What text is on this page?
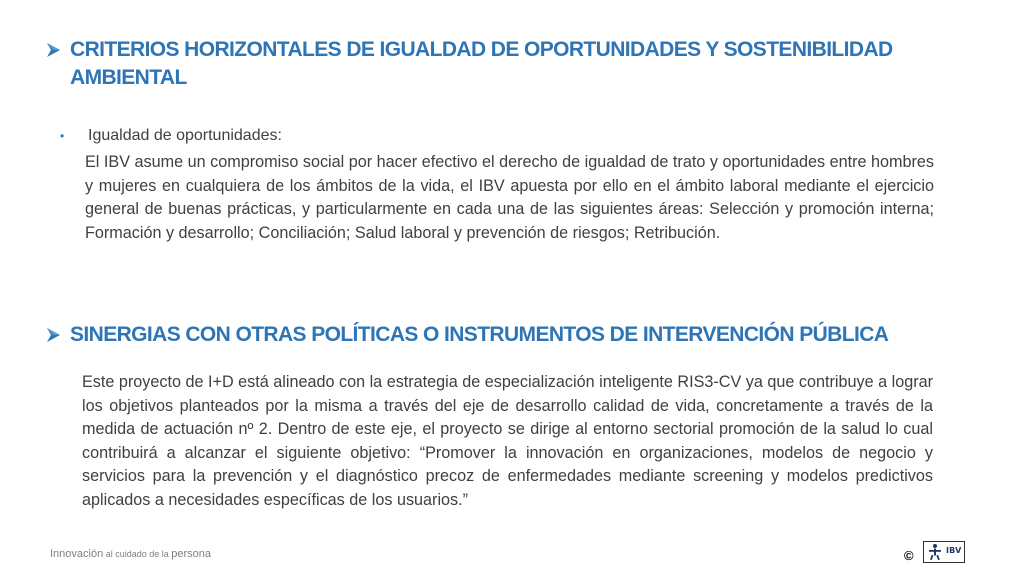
CRITERIOS HORIZONTALES DE IGUALDAD DE OPORTUNIDADES Y SOSTENIBILIDAD AMBIENTAL
• Igualdad de oportunidades:
El IBV asume un compromiso social por hacer efectivo el derecho de igualdad de trato y oportunidades entre hombres y mujeres en cualquiera de los ámbitos de la vida, el IBV apuesta por ello en el ámbito laboral mediante el ejercicio general de buenas prácticas, y particularmente en cada una de las siguientes áreas: Selección y promoción interna; Formación y desarrollo; Conciliación; Salud laboral y prevención de riesgos; Retribución.
SINERGIAS CON OTRAS POLÍTICAS O INSTRUMENTOS DE INTERVENCIÓN PÚBLICA
Este proyecto de I+D está alineado con la estrategia de especialización inteligente RIS3-CV ya que contribuye a lograr los objetivos planteados por la misma a través del eje de desarrollo calidad de vida, concretamente a través de la medida de actuación nº 2. Dentro de este eje, el proyecto se dirige al entorno sectorial promoción de la salud lo cual contribuirá a alcanzar el siguiente objetivo: “Promover la innovación en organizaciones, modelos de negocio y servicios para la prevención y el diagnóstico precoz de enfermedades mediante screening y modelos predictivos aplicados a necesidades específicas de los usuarios.”
Innovación al cuidado de la persona	©	IBV
